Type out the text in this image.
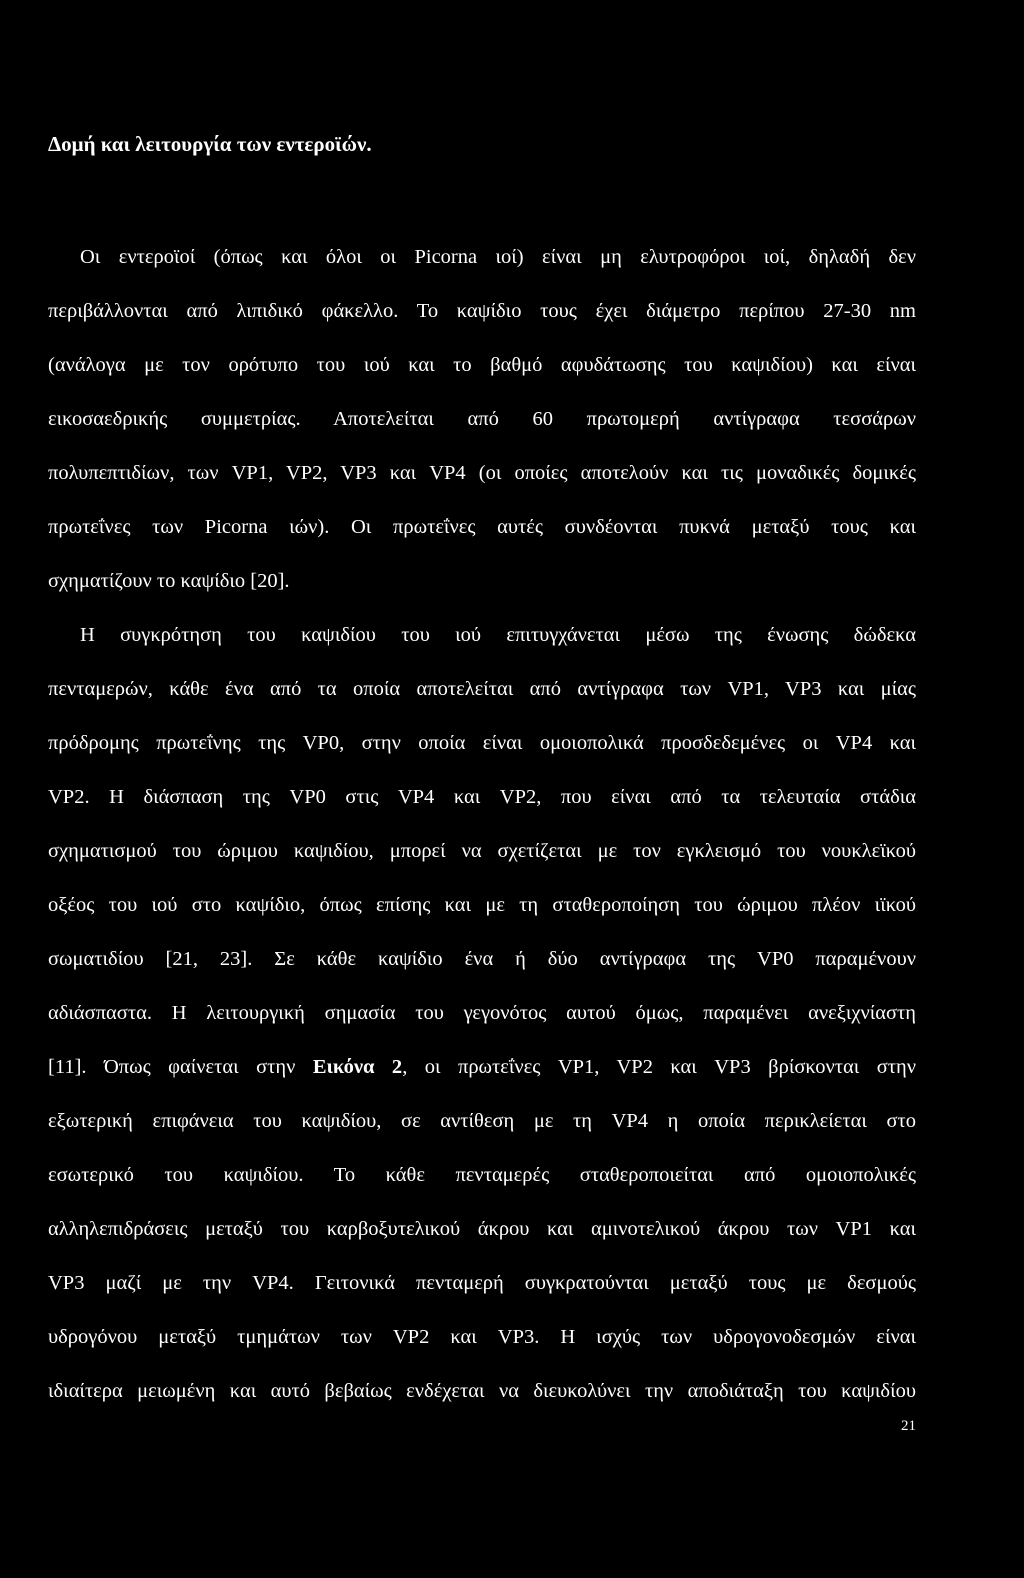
Δομή και λειτουργία των εντεροϊών.
Οι εντεροϊοί (όπως και όλοι οι Picorna ιοί) είναι μη ελυτροφόροι ιοί, δηλαδή δεν
περιβάλλονται από λιπιδικό φάκελλο. Το καψίδιο τους έχει διάμετρο περίπου 27-30 nm
(ανάλογα με τον ορότυπο του ιού και το βαθμό αφυδάτωσης του καψιδίου) και είναι
εικοσαεδρικής συμμετρίας. Αποτελείται από 60 πρωτομερή αντίγραφα τεσσάρων
πολυπεπτιδίων, των VP1, VP2, VP3 και VP4 (οι οποίες αποτελούν και τις μοναδικές δομικές
πρωτεΐνες των Picorna ιών). Οι πρωτεΐνες αυτές συνδέονται πυκνά μεταξύ τους και
σχηματίζουν το καψίδιο [20].
Η συγκρότηση του καψιδίου του ιού επιτυγχάνεται μέσω της ένωσης δώδεκα
πενταμερών, κάθε ένα από τα οποία αποτελείται από αντίγραφα των VP1, VP3 και μίας
πρόδρομης πρωτεΐνης της VP0, στην οποία είναι ομοιοπολικά προσδεδεμένες οι VP4 και
VP2. Η διάσπαση της VP0 στις VP4 και VP2, που είναι από τα τελευταία στάδια
σχηματισμού του ώριμου καψιδίου, μπορεί να σχετίζεται με τον εγκλεισμό του νουκλεϊκού
οξέος του ιού στο καψίδιο, όπως επίσης και με τη σταθεροποίηση του ώριμου πλέον ιϊκού
σωματιδίου [21, 23]. Σε κάθε καψίδιο ένα ή δύο αντίγραφα της VP0 παραμένουν
αδιάσπαστα. Η λειτουργική σημασία του γεγονότος αυτού όμως, παραμένει ανεξιχνίαστη
[11]. Όπως φαίνεται στην Εικόνα 2, οι πρωτεΐνες VP1, VP2 και VP3 βρίσκονται στην
εξωτερική επιφάνεια του καψιδίου, σε αντίθεση με τη VP4 η οποία περικλείεται στο
εσωτερικό του καψιδίου. Το κάθε πενταμερές σταθεροποιείται από ομοιοπολικές
αλληλεπιδράσεις μεταξύ του καρβοξυτελικού άκρου και αμινοτελικού άκρου των VP1 και
VP3 μαζί με την VP4. Γειτονικά πενταμερή συγκρατούνται μεταξύ τους με δεσμούς
υδρογόνου μεταξύ τμημάτων των VP2 και VP3. Η ισχύς των υδρογονοδεσμών είναι
ιδιαίτερα μειωμένη και αυτό βεβαίως ενδέχεται να διευκολύνει την αποδιάταξη του καψιδίου
21
